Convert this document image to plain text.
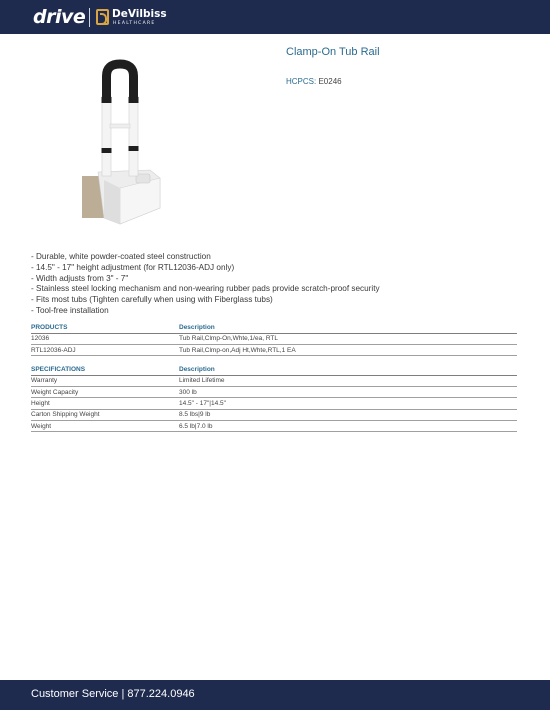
drive	DeVilbiss
HEALTHCARE
Clamp-On Tub Rail
HCPCS: E0246
- Durable, white powder-coated steel construction
- 14.5" - 17" height adjustment (for RTL12036-ADJ only)
- Width adjusts from 3" - 7"
- Stainless steel locking mechanism and non-wearing rubber pads provide scratch-proof security
- Fits most tubs (Tighten carefully when using with Fiberglass tubs)
- Tool-free installation
PRODUCTS	Description
12036	Tub Rail,Clmp-On,Whte,1/ea, RTL
RTL12036-ADJ	Tub Rail,Clmp-on,Adj Ht,Whte,RTL,1 EA
SPECIFICATIONS	Description
Warranty	Limited Lifetime
Weight Capacity	300 lb
Height	14.5" - 17"|14.5"
Carton Shipping Weight	8.5 lbs|9 lb
Weight	6.5 lb|7.0 lb
Customer Service | 877.224.0946
